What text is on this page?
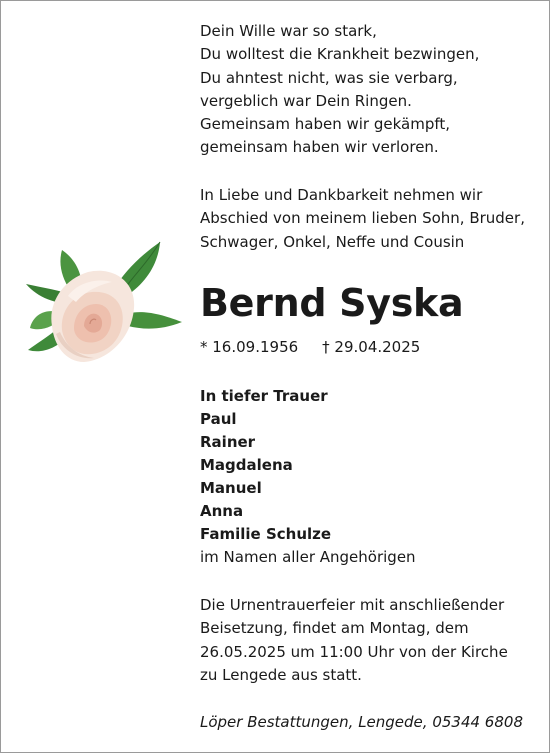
Dein Wille war so stark,
Du wolltest die Krankheit bezwingen,
Du ahntest nicht, was sie verbarg,
vergeblich war Dein Ringen.
Gemeinsam haben wir gekämpft,
gemeinsam haben wir verloren.
In Liebe und Dankbarkeit nehmen wir
Abschied von meinem lieben Sohn, Bruder,
Schwager, Onkel, Neffe und Cousin
Bernd Syska
* 16.09.1956 † 29.04.2025
In tiefer Trauer
Paul
Rainer
Magdalena
Manuel
Anna
Familie Schulze
im Namen aller Angehörigen
Die Urnentrauerfeier mit anschließender
Beisetzung, findet am Montag, dem
26.05.2025 um 11:00 Uhr von der Kirche
zu Lengede aus statt.
Löper Bestattungen, Lengede, 05344 6808
